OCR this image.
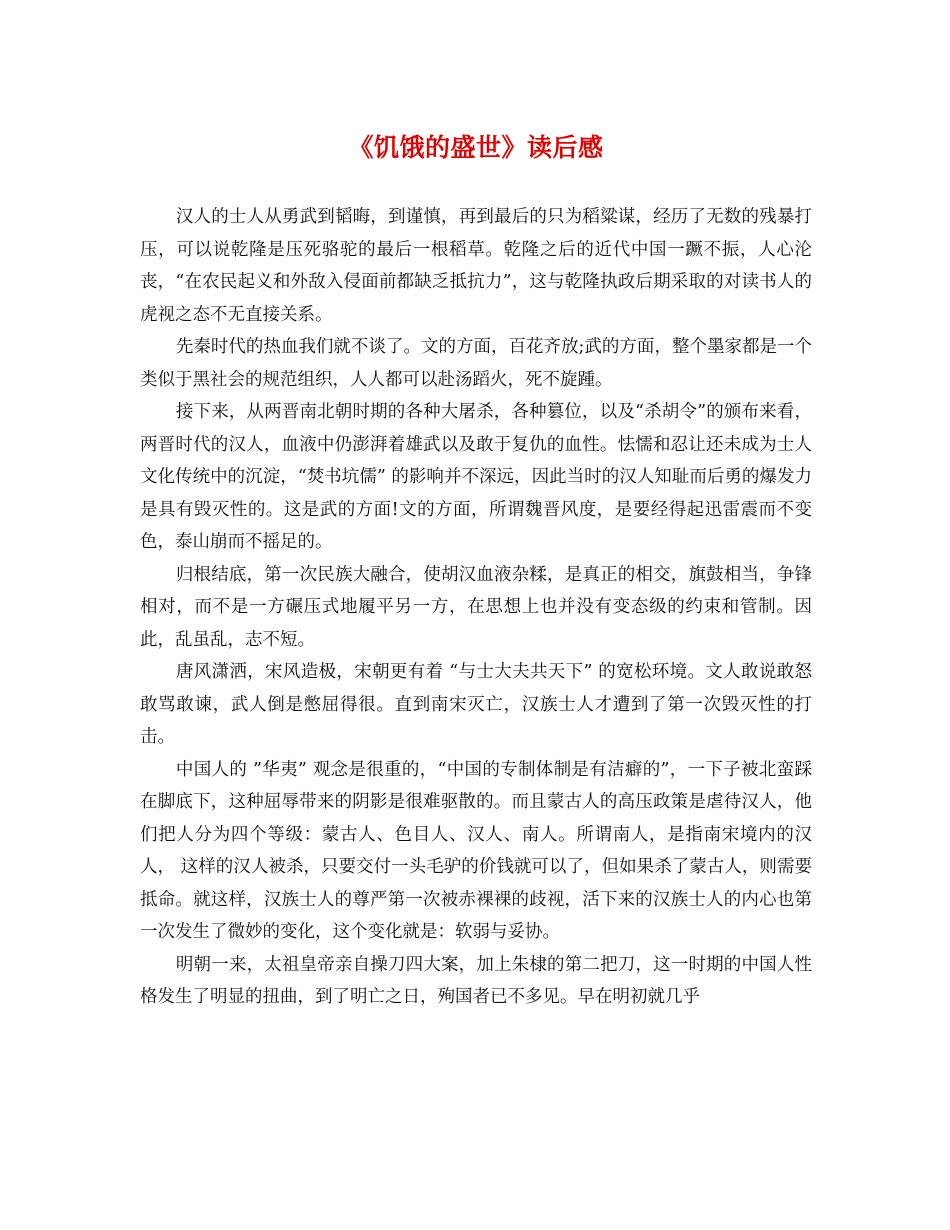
《饥饿的盛世》读后感

汉人的士人从勇武到韬晦，到谨慎，再到最后的只为稻粱谋，经历了无数的残暴打压，可以说乾隆是压死骆驼的最后一根稻草。乾隆之后的近代中国一蹶不振，人心沦丧，“在农民起义和外敌入侵面前都缺乏抵抗力”，这与乾隆执政后期采取的对读书人的虎视之态不无直接关系。

先秦时代的热血我们就不谈了。文的方面，百花齐放;武的方面，整个墨家都是一个类似于黑社会的规范组织，人人都可以赴汤蹈火，死不旋踵。

接下来，从两晋南北朝时期的各种大屠杀，各种篡位，以及“杀胡令”的颁布来看，两晋时代的汉人，血液中仍澎湃着雄武以及敢于复仇的血性。怯懦和忍让还未成为士人文化传统中的沉淀，“焚书坑儒” 的影响并不深远，因此当时的汉人知耻而后勇的爆发力是具有毁灭性的。这是武的方面!文的方面，所谓魏晋风度，是要经得起迅雷震而不变色，泰山崩而不摇足的。

归根结底，第一次民族大融合，使胡汉血液杂糅，是真正的相交，旗鼓相当，争锋相对，而不是一方碾压式地履平另一方，在思想上也并没有变态级的约束和管制。因此，乱虽乱，志不短。

唐风潇洒，宋风造极，宋朝更有着 “与士大夫共天下” 的宽松环境。文人敢说敢怒敢骂敢谏，武人倒是憋屈得很。直到南宋灭亡，汉族士人才遭到了第一次毁灭性的打击。

中国人的 ”华夷” 观念是很重的，“中国的专制体制是有洁癖的”，一下子被北蛮踩在脚底下，这种屈辱带来的阴影是很难驱散的。而且蒙古人的高压政策是虐待汉人，他们把人分为四个等级：蒙古人、色目人、汉人、南人。所谓南人，是指南宋境内的汉人， 这样的汉人被杀，只要交付一头毛驴的价钱就可以了，但如果杀了蒙古人，则需要抵命。就这样，汉族士人的尊严第一次被赤裸裸的歧视，活下来的汉族士人的内心也第一次发生了微妙的变化，这个变化就是：软弱与妥协。

明朝一来，太祖皇帝亲自操刀四大案，加上朱棣的第二把刀，这一时期的中国人性格发生了明显的扭曲，到了明亡之日，殉国者已不多见。早在明初就几乎
